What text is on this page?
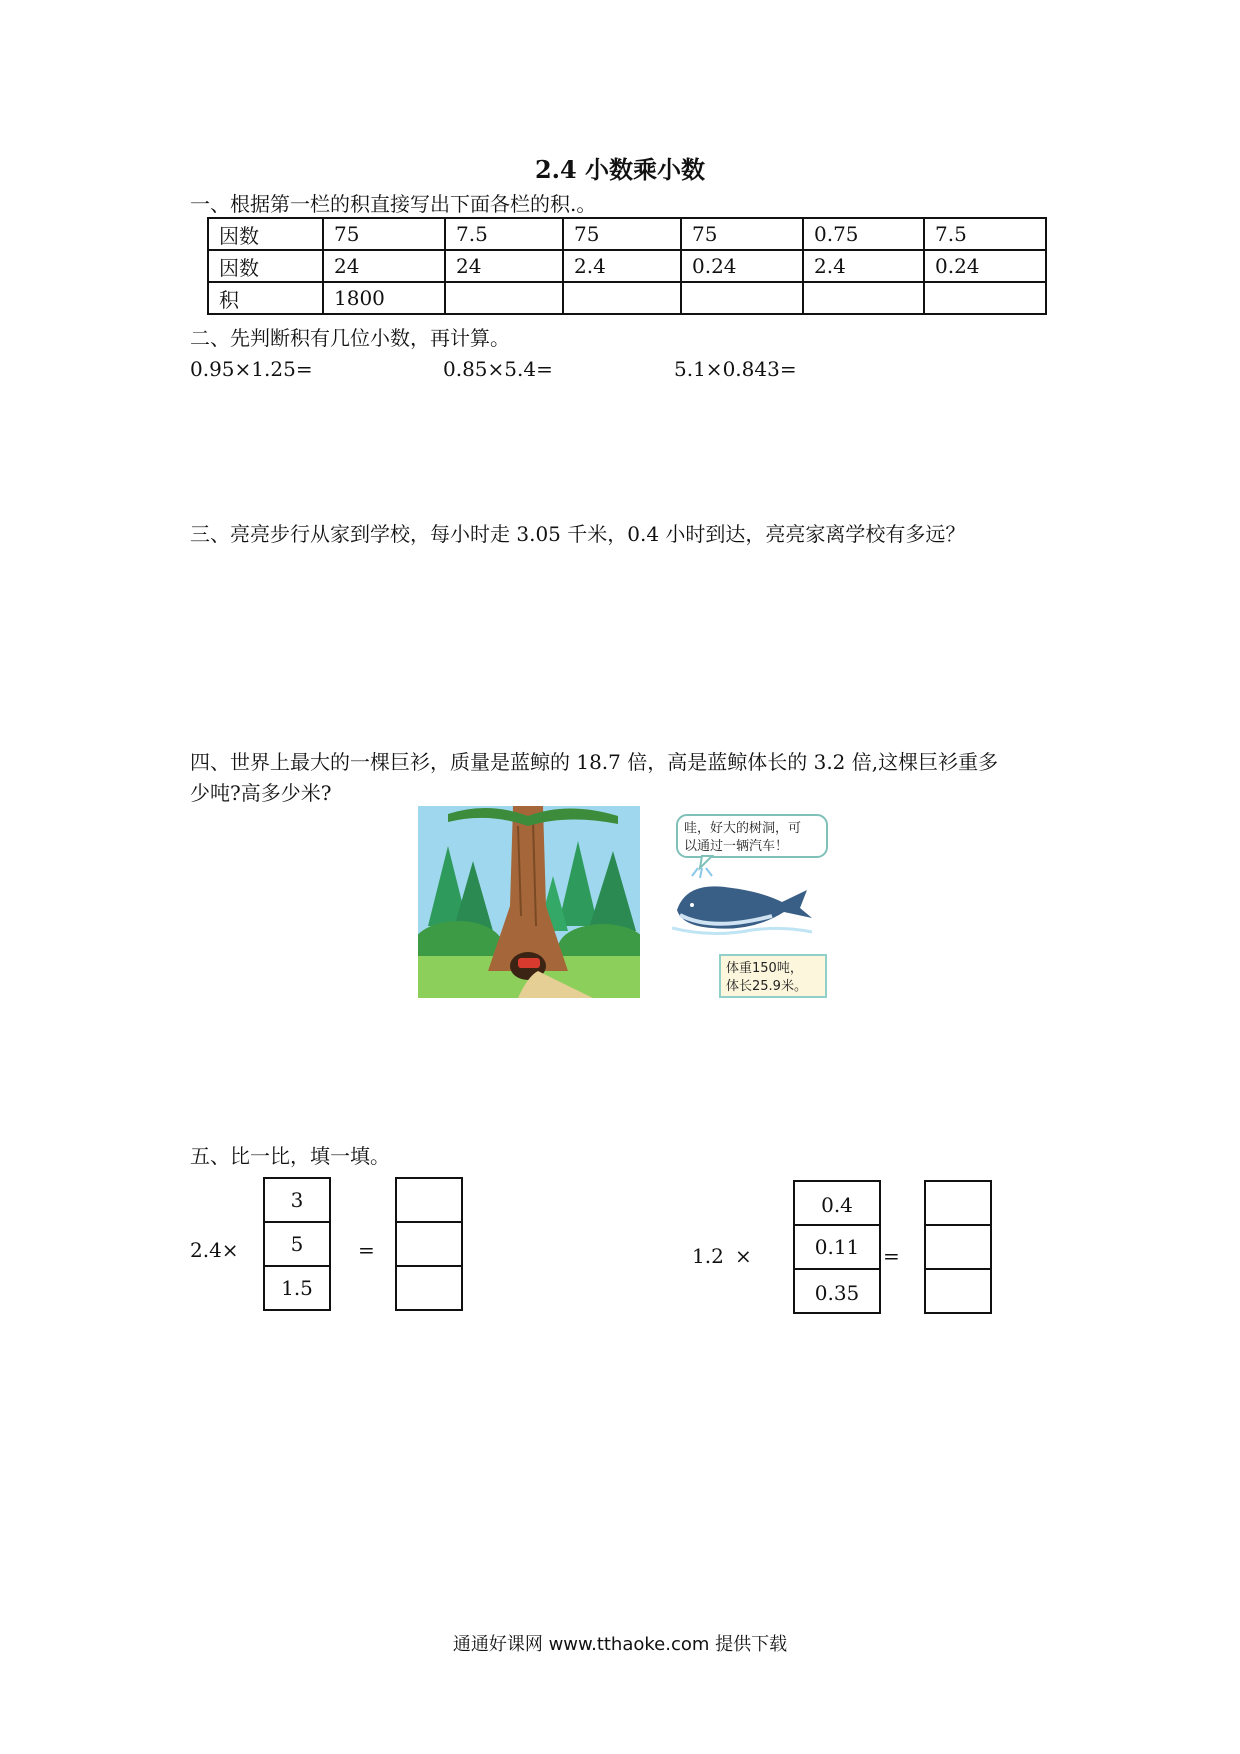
2.4 小数乘小数
一、根据第一栏的积直接写出下面各栏的积.。
因数	75	7.5	75	75	0.75	7.5
因数	24	24	2.4	0.24	2.4	0.24
积	1800					
二、先判断积有几位小数，再计算。
0.95×1.25=	0.85×5.4=	5.1×0.843=
三、亮亮步行从家到学校，每小时走 3.05 千米，0.4 小时到达，亮亮家离学校有多远？
四、世界上最大的一棵巨衫，质量是蓝鲸的 18.7 倍，高是蓝鲸体长的 3.2 倍,这棵巨衫重多
少吨?高多少米?
哇，好大的树洞，可
以通过一辆汽车！
体重150吨，
体长25.9米。
五、比一比，填一填。
2.4×
3
5
1.5
=	1.2 ×
0.4
0.11
0.35
=
通通好课网 www.tthaoke.com 提供下载
